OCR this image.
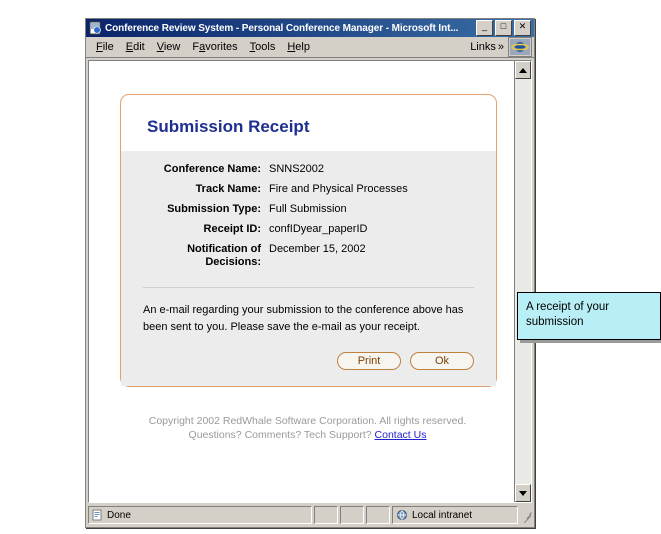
Conference Review System - Personal Conference Manager - Microsoft Int...	_	□	✕
File	Edit	View	Favorites	Tools	Help	Links »
Submission Receipt
Conference Name: SNNS2002
Track Name: Fire and Physical Processes
Submission Type: Full Submission
Receipt ID: confIDyear_paperID
Notification of Decisions:
December 15, 2002
An e-mail regarding your submission to the conference above has been sent to you. Please save the e-mail as your receipt.
Print	Ok
Copyright 2002 RedWhale Software Corporation. All rights reserved.
Questions? Comments? Tech Support? Contact Us
A receipt of your submission
Done	Local intranet
